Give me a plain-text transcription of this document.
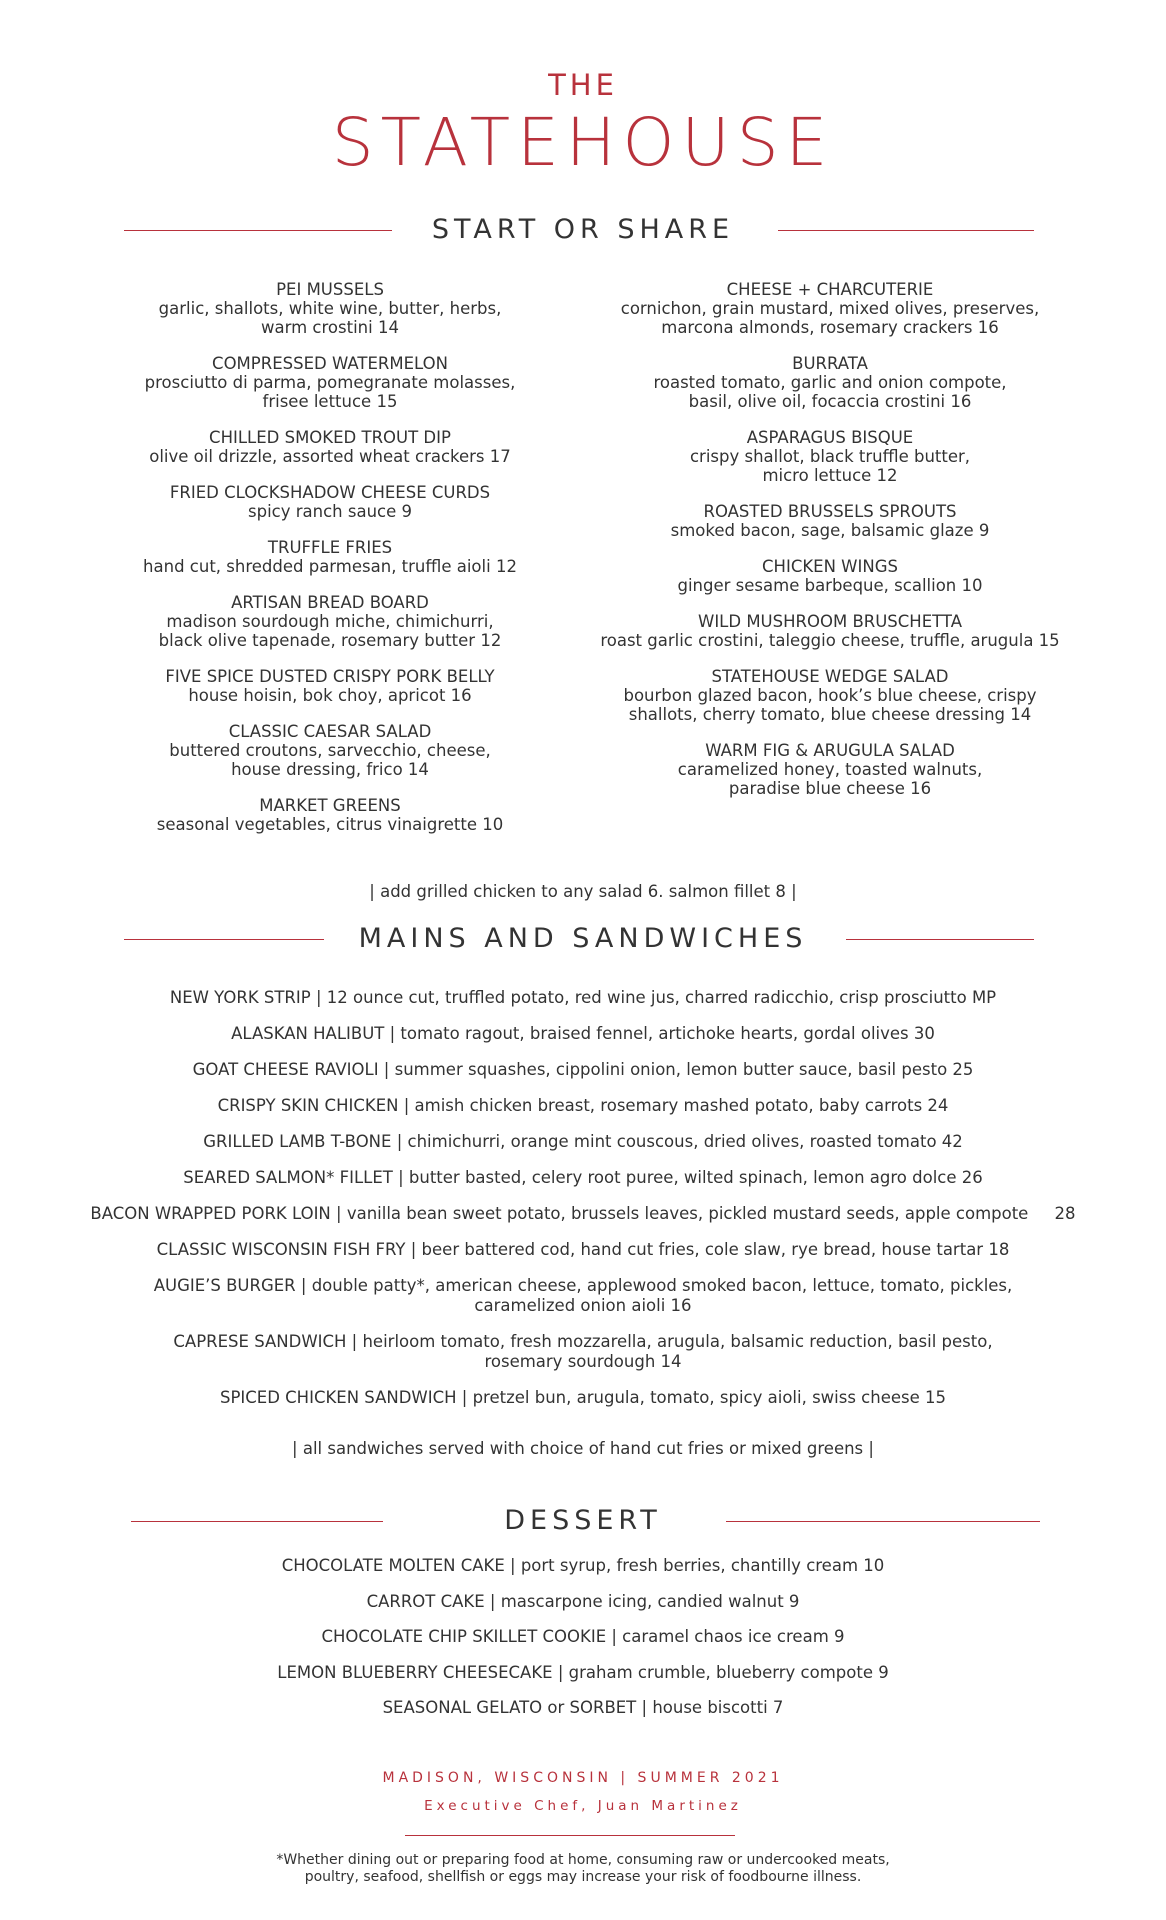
THE
STATEHOUSE
START OR SHARE
PEI MUSSELS
garlic, shallots, white wine, butter, herbs,
warm crostini 14
COMPRESSED WATERMELON
prosciutto di parma, pomegranate molasses,
frisee lettuce 15
CHILLED SMOKED TROUT DIP
olive oil drizzle, assorted wheat crackers 17
FRIED CLOCKSHADOW CHEESE CURDS
spicy ranch sauce 9
TRUFFLE FRIES
hand cut, shredded parmesan, truffle aioli 12
ARTISAN BREAD BOARD
madison sourdough miche, chimichurri,
black olive tapenade, rosemary butter 12
FIVE SPICE DUSTED CRISPY PORK BELLY
house hoisin, bok choy, apricot 16
CLASSIC CAESAR SALAD
buttered croutons, sarvecchio, cheese,
house dressing, frico 14
MARKET GREENS
seasonal vegetables, citrus vinaigrette 10
CHEESE + CHARCUTERIE
cornichon, grain mustard, mixed olives, preserves,
marcona almonds, rosemary crackers 16
BURRATA
roasted tomato, garlic and onion compote,
basil, olive oil, focaccia crostini 16
ASPARAGUS BISQUE
crispy shallot, black truffle butter,
micro lettuce 12
ROASTED BRUSSELS SPROUTS
smoked bacon, sage, balsamic glaze 9
CHICKEN WINGS
ginger sesame barbeque, scallion 10
WILD MUSHROOM BRUSCHETTA
roast garlic crostini, taleggio cheese, truffle, arugula 15
STATEHOUSE WEDGE SALAD
bourbon glazed bacon, hook’s blue cheese, crispy
shallots, cherry tomato, blue cheese dressing 14
WARM FIG & ARUGULA SALAD
caramelized honey, toasted walnuts,
paradise blue cheese 16
| add grilled chicken to any salad 6. salmon fillet 8 |
MAINS AND SANDWICHES
NEW YORK STRIP | 12 ounce cut, truffled potato, red wine jus, charred radicchio, crisp prosciutto MP
ALASKAN HALIBUT | tomato ragout, braised fennel, artichoke hearts, gordal olives 30
GOAT CHEESE RAVIOLI | summer squashes, cippolini onion, lemon butter sauce, basil pesto 25
CRISPY SKIN CHICKEN | amish chicken breast, rosemary mashed potato, baby carrots 24
GRILLED LAMB T-BONE | chimichurri, orange mint couscous, dried olives, roasted tomato 42
SEARED SALMON* FILLET | butter basted, celery root puree, wilted spinach, lemon agro dolce 26
BACON WRAPPED PORK LOIN | vanilla bean sweet potato, brussels leaves, pickled mustard seeds, apple compote     28
CLASSIC WISCONSIN FISH FRY | beer battered cod, hand cut fries, cole slaw, rye bread, house tartar 18
AUGIE’S BURGER | double patty*, american cheese, applewood smoked bacon, lettuce, tomato, pickles,
caramelized onion aioli 16
CAPRESE SANDWICH | heirloom tomato, fresh mozzarella, arugula, balsamic reduction, basil pesto,
rosemary sourdough 14
SPICED CHICKEN SANDWICH | pretzel bun, arugula, tomato, spicy aioli, swiss cheese 15
| all sandwiches served with choice of hand cut fries or mixed greens |
DESSERT
CHOCOLATE MOLTEN CAKE | port syrup, fresh berries, chantilly cream 10
CARROT CAKE | mascarpone icing, candied walnut 9
CHOCOLATE CHIP SKILLET COOKIE | caramel chaos ice cream 9
LEMON BLUEBERRY CHEESECAKE | graham crumble, blueberry compote 9
SEASONAL GELATO or SORBET | house biscotti 7
MADISON, WISCONSIN | SUMMER 2021
Executive Chef, Juan Martinez
*Whether dining out or preparing food at home, consuming raw or undercooked meats,
poultry, seafood, shellfish or eggs may increase your risk of foodbourne illness.
